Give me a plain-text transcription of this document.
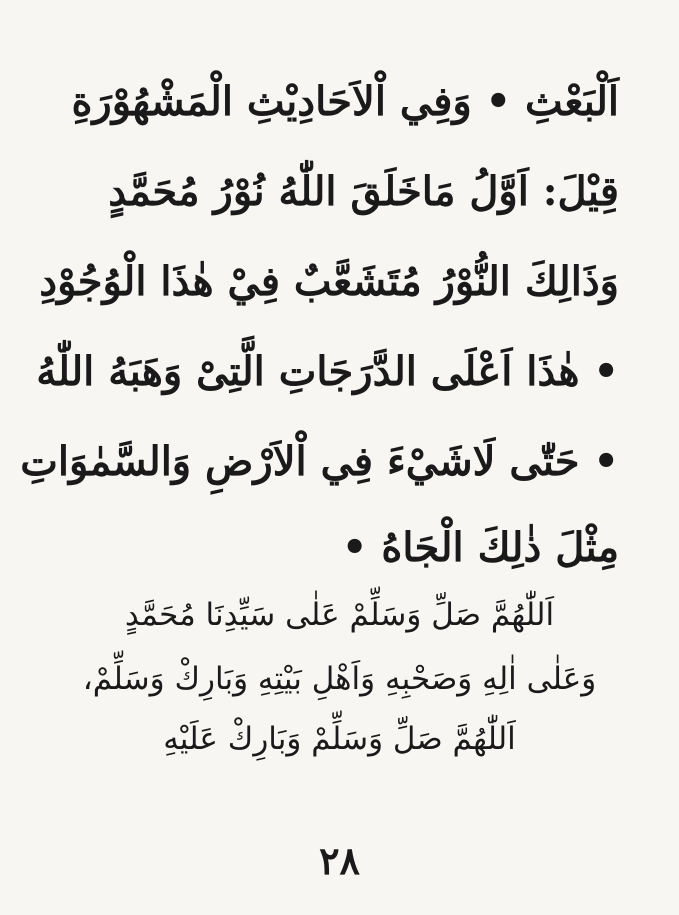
اَلْبَعْثِ • وَفِي اْلاَحَادِيْثِ الْمَشْهُوْرَةِ
قِيْلَ: اَوَّلُ مَاخَلَقَ اللّٰهُ نُوْرُ مُحَمَّدٍ
وَذَالِكَ النُّوْرُ مُتَشَعَّبٌ فِيْ هٰذَا الْوُجُوْدِ
• هٰذَا اَعْلَى الدَّرَجَاتِ الَّتِىْ وَهَبَهُ اللّٰهُ
• حَتّٰى لَاشَيْءَ فِي اْلاَرْضِ وَالسَّمٰوَاتِ
مِثْلَ ذٰلِكَ الْجَاهُ •
اَللّٰهُمَّ صَلِّ وَسَلِّمْ عَلٰى سَيِّدِنَا مُحَمَّدٍ
وَعَلٰى اٰلِهِ وَصَحْبِهِ وَاَهْلِ بَيْتِهِ وَبَارِكْ وَسَلِّمْ،
اَللّٰهُمَّ صَلِّ وَسَلِّمْ وَبَارِكْ عَلَيْهِ
٢٨
